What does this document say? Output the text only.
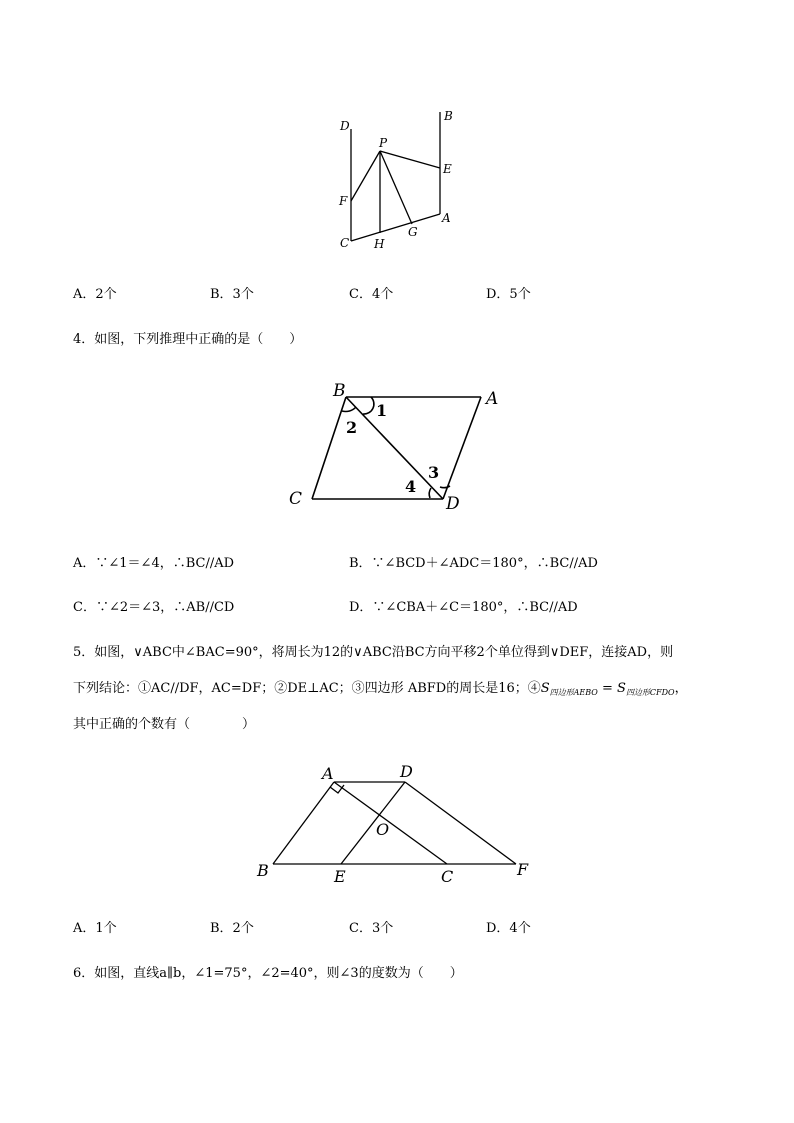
D
P
B
E
F
A
C H
G
A．2个	B．3个	C．4个	D．5个
4．如图，下列推理中正确的是（　　）
B	A
C	D
1
2
3
4
A．∵∠1＝∠4，∴BC//AD	B．∵∠BCD＋∠ADC＝180°，∴BC//AD
C．∵∠2＝∠3，∴AB//CD	D．∵∠CBA＋∠C＝180°，∴BC//AD
5．如图，∨ABC中∠BAC=90°，将周长为12的∨ABC沿BC方向平移2个单位得到∨DEF，连接AD，则
下列结论：①AC//DF，AC=DF；②DE⊥AC；③四边形 ABFD的周长是16；$④S_{四边形AEBO} = S_{四边形CFDO}$，
其中正确的个数有（　　　　）
A	D
O
B	E	C	F
A．1个	B．2个	C．3个	D．4个
6．如图，直线a∥b，∠1=75°，∠2=40°，则∠3的度数为（　　）
